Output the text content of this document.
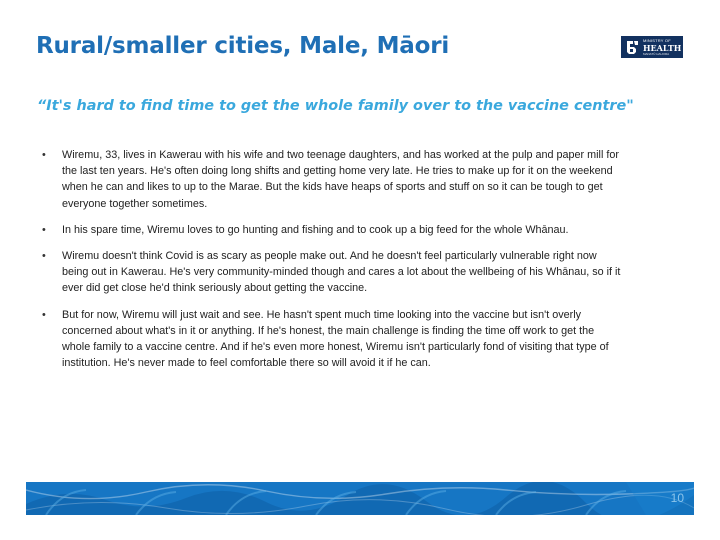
Rural/smaller cities, Male, Māori	MINISTRY OF
HEALTH
MANATŪ HAUORA

“It's hard to find time to get the whole family over to the vaccine centre"

• Wiremu, 33, lives in Kawerau with his wife and two teenage daughters, and has worked at the pulp and paper mill for the last ten years. He's often doing long shifts and getting home very late. He tries to make up for it on the weekend when he can and likes to up to the Marae. But the kids have heaps of sports and stuff on so it can be tough to get everyone together sometimes.
• In his spare time, Wiremu loves to go hunting and fishing and to cook up a big feed for the whole Whānau.
• Wiremu doesn't think Covid is as scary as people make out. And he doesn't feel particularly vulnerable right now being out in Kawerau. He's very community-minded though and cares a lot about the wellbeing of his Whānau, so if it ever did get close he'd think seriously about getting the vaccine.
• But for now, Wiremu will just wait and see. He hasn't spent much time looking into the vaccine but isn't overly concerned about what's in it or anything. If he's honest, the main challenge is finding the time off work to get the whole family to a vaccine centre. And if he's even more honest, Wiremu isn't particularly fond of visiting that type of institution. He's never made to feel comfortable there so will avoid it if he can.
10
